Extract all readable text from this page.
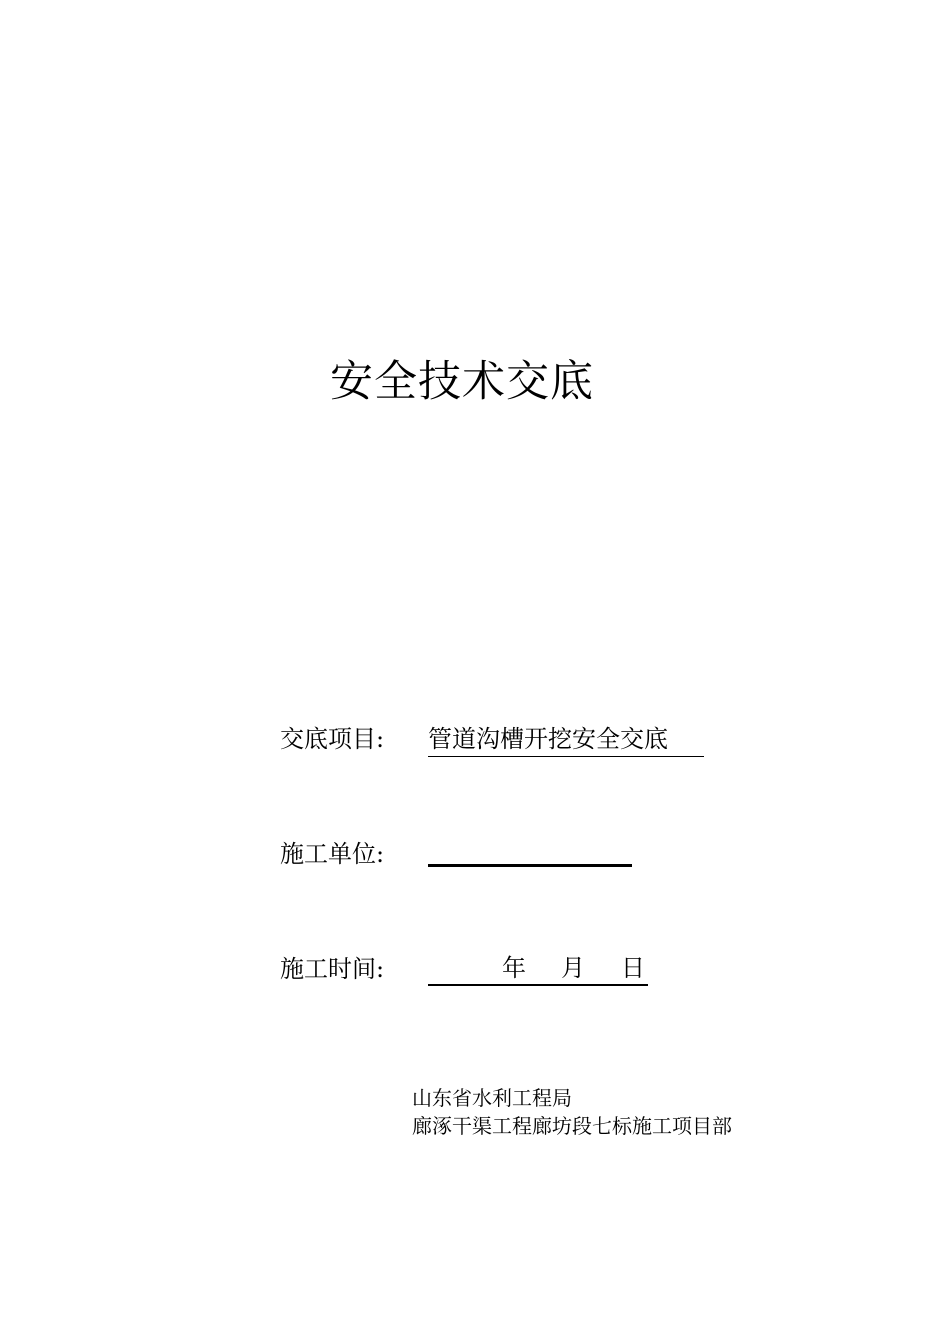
安全技术交底
交底项目: 管道沟槽开挖安全交底
施工单位:
施工时间:	年 月 日
山东省水利工程局
廊涿干渠工程廊坊段七标施工项目部
